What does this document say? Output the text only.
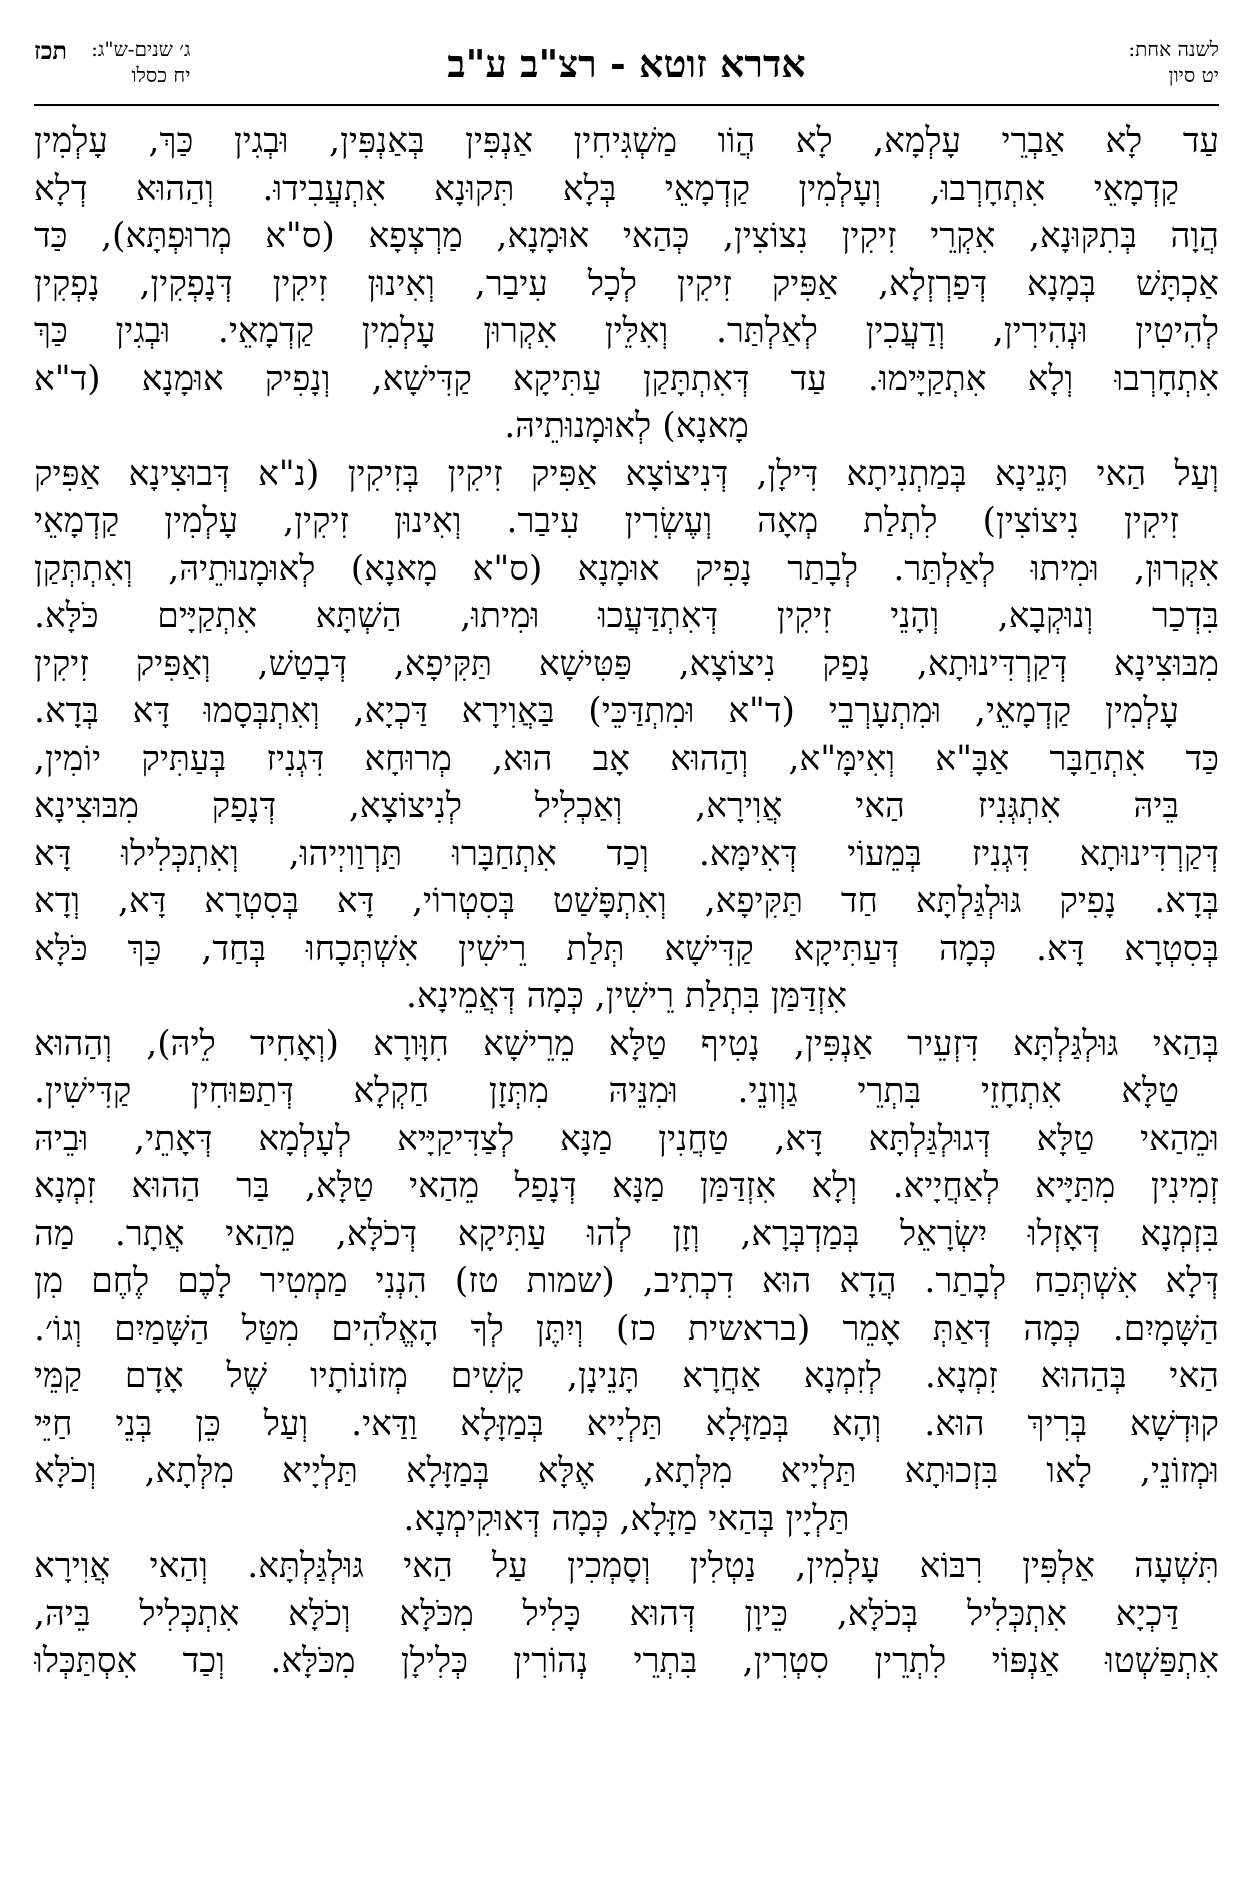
לשנה אחת:
יט סיון
אדרא זוטא - רצ"ב ע"ב
ג׳ שנים-ש"ג:
יח כסלו
תכז
עַד לָא אַבְרֵי עָלְמָא, לָא הֲוֹו מַשְׁגִּיחִין אַנְפִּין בְּאַנְפִּין, וּבְגִין כַּךְ, עָלְמִין
קַדְמָאֵי אִתְחָרְבוּ, וְעָלְמִין קַדְמָאֵי בְּלָא תִּקוּנָא אִתְעֲבִידוּ. וְהַהוּא דְלָא
הֲוָה בְּתִקּוּנָא, אִקְרֵי זִיקִין נִצוֹצִין, כְּהַאי אוּמָנָא, מַרְצְפָא (ס"א מְרוּפְתָּא), כַּד
אַכְתָּשׁ בְּמָנָא דְּפַרְזְלָא, אַפִּיק זִיקִין לְכָל עִיבַר, וְאִינוּן זִיקִין דְּנָפְקִין, נָפְקִין
לְהִיטִין וּנְהִירִין, וְדַעֲכִין לְאַלְתַּר. וְאִלֵּין אִקְרוּן עָלְמִין קַדְמָאֵי. וּבְגִין כַּךְ
אִתְחָרְבוּ וְלָא אִתְקַיָּימוּ. עַד דְּאִתְתָּקַן עַתִּיקָא קַדִּישָׁא, וְנָפִיק אוּמָנָא (ד"א
מָאנָא) לְאוּמָנוּתֵיהּ.
וְעַל הַאי תָּנֵינָא בְּמַתְנִיתָא דִּילָן, דְּנִיצוֹצָא אַפִּיק זִיקִין בְּזִיקִין (נ"א דְּבוּצִינָא אַפִּיק
זִיקִין נִיצוֹצִין) לִתְלַת מְאָה וְעֶשְׂרִין עִיבַר. וְאִינוּן זִיקִין, עָלְמִין קַדְמָאֵי
אִקְרוּן, וּמִיתוּ לְאַלְתַּר. לְבָתַר נָפִיק אוּמָנָא (ס"א מָאנָא) לְאוּמָנוּתֵיהּ, וְאִתְתְּקַן
בִּדְכַר וְנוּקְבָא, וְהָנֵי זִיקִין דְּאִתְדַּעֲכוּ וּמִיתוּ, הַשְׁתָּא אִתְקַיָּים כֹּלָּא.
מִבּוּצִינָא דְּקַרְדִּינוּתָא, נָפַק נִיצוֹצָא, פַּטִּישָׁא תַּקִּיפָא, דְּבָטַשׁ, וְאַפִּיק זִיקִין
עָלְמִין קַדְמָאֵי, וּמִתְעָרְבֵי (ד"א וּמִתְדַּכֵּי) בַּאֲוִירָא דַּכְיָא, וְאִתְבְּסָמוּ דָּא בְּדָא.
כַּד אִתְחַבָּר אַבָּ"א וְאִימָּ"א, וְהַהוּא אָב הוּא, מְרוּחָא דִּגְנִיז בְּעַתִּיק יוֹמִין,
בֵּיהּ אִתְגְּנִיז הַאי אֲוִירָא, וְאַכְלִיל לְנִיצוֹצָא, דְּנָפַק מִבּוּצִינָא
דְּקַרְדִּינוּתָא דִּגְנִיז בְּמֵעוֹי דְּאִימָּא. וְכַד אִתְחַבָּרוּ תַּרְוַויְיהוּ, וְאִתְכְּלִילוּ דָּא
בְּדָא. נָפִיק גּוּלְגַּלְתָּא חַד תַּקִּיפָא, וְאִתְפָּשַׁט בְּסִטְרוֹי, דָּא בְּסִטְרָא דָּא, וְדָא
בְּסִטְרָא דָּא. כְּמָה דְּעַתִּיקָא קַדִּישָׁא תְּלַת רֵישִׁין אִשְׁתְּכָחוּ בְּחַד, כַּךְ כֹּלָּא
אִזְדַּמַּן בִּתְלַת רֵישִׁין, כְּמָה דְּאֲמֵינָא.
בְּהַאי גּוּלְגַּלְתָּא דִּזְעֵיר אַנְפִּין, נָטִיף טַלָּא מֵרֵישָׁא חִוָּורָא (וְאָחִיד לֵיהּ), וְהַהוּא
טַלָּא אִתְחָזֵי בִּתְרֵי גַוְונֵי. וּמִנֵּיהּ מִתְּזָן חַקְלָא דְּתַפּוּחִין קַדִּישִׁין.
וּמֵהַאי טַלָּא דְּגוּלְגַּלְתָּא דָּא, טַחֲנִין מַנָּא לְצַדִּיקַיָּיא לְעָלְמָא דְּאָתֵי, וּבֵיהּ
זְמִינִין מִתַּיָּיא לְאַחֲיָיא. וְלָא אִזְדַּמַּן מַנָּא דְּנָפַל מֵהַאי טַלָּא, בַּר הַהוּא זִמְנָא
בִּזְמְנָא דְּאָזְלוּ יִשְׂרָאֵל בְּמַדְבְּרָא, וְזָן לְהוּ עַתִּיקָא דְּכֹלָּא, מֵהַאי אֲתָר. מַה
דְּלָא אִשְׁתְּכַח לְבָתַר. הֲדָא הוּא דִכְתִיב, (שמות טז) הִנְנִי מַמְטִיר לָכֶם לֶחֶם מִן
הַשָּׁמָיִם. כְּמָה דְּאַתְּ אָמֵר (בראשית כז) וְיִתֶּן לְךָ הָאֱלֹהִים מִטַּל הַשָּׁמַיִם וְגוֹ׳.
הַאי בְּהַהוּא זִמְנָא. לְזִמְנָא אַחֲרָא תָּנֵינָן, קָשִׁים מְזוֹנוֹתָיו שֶׁל אָדָם קַמֵּי
קוּדְשָׁא בְּרִיךְ הוּא. וְהָא בְּמַזָּלָא תַּלְיָיא בְּמַזָּלָא וַדַּאי. וְעַל כֵּן בְּנֵי חַיֵּי
וּמְזוֹנֵי, לָאו בִּזְכוּתָא תַּלְיָיא מִלְּתָא, אֶלָּא בְּמַזָּלָא תַּלְיָיא מִלְּתָא, וְכֹלָּא
תַּלְיָין בְּהַאי מַזָּלָא, כְּמָה דְּאוּקִימְנָא.
תִּשְׁעָה אַלְפִּין רִבּוֹא עָלְמִין, נַטְלִין וְסָמְכִין עַל הַאי גּוּלְגַּלְתָּא. וְהַאי אֲוִירָא
דַּכְיָא אִתְכְּלִיל בְּכֹלָּא, כֵּיוָן דְּהוּא כָּלִיל מִכֹּלָּא וְכֹלָּא אִתְכְּלִיל בֵּיהּ,
אִתְפַּשְׁטוּ אַנְפּוֹי לִתְרֵין סִטְרִין, בִּתְרֵי נְהוֹרִין כְּלִילָן מִכֹּלָּא. וְכַד אִסְתַּכְּלוּ
